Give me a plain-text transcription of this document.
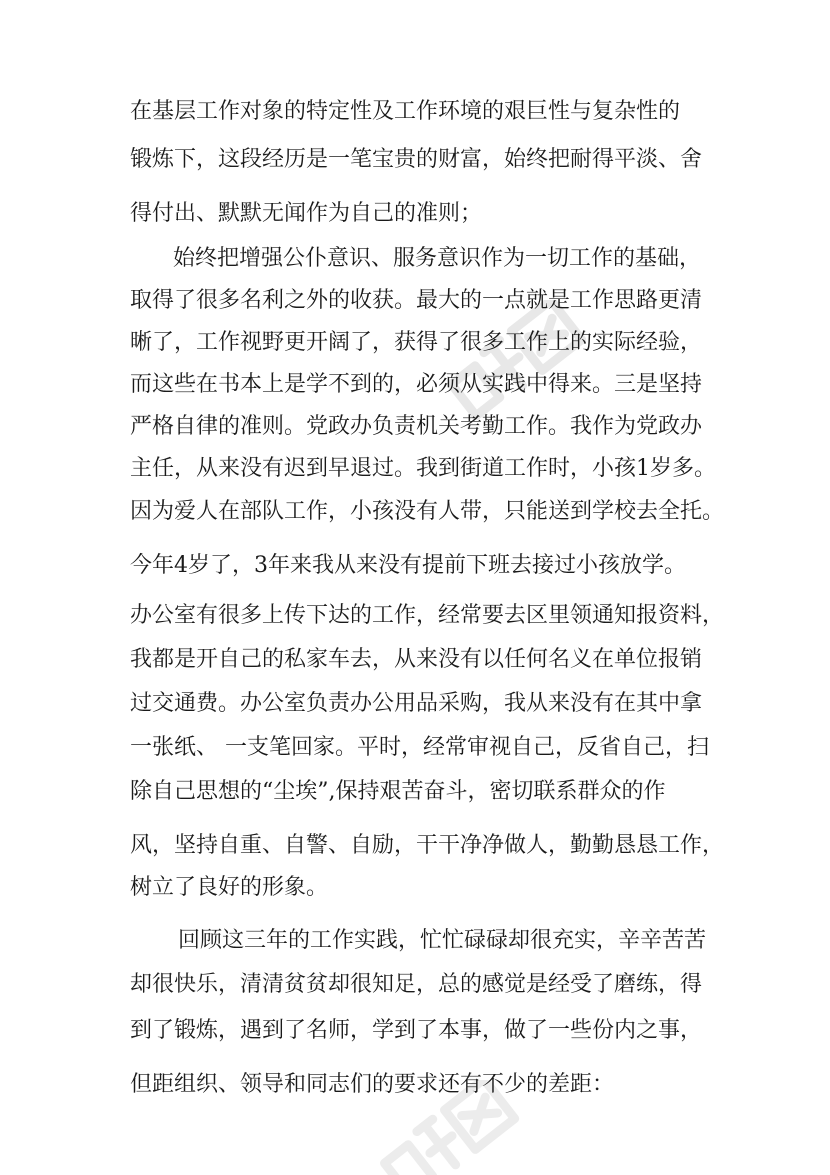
在基层工作对象的特定性及工作环境的艰巨性与复杂性的

锻炼下，这段经历是一笔宝贵的财富，始终把耐得平淡、舍

得付出、默默无闻作为自己的准则；

始终把增强公仆意识、服务意识作为一切工作的基础，

取得了很多名利之外的收获。最大的一点就是工作思路更清

晰了，工作视野更开阔了，获得了很多工作上的实际经验，

而这些在书本上是学不到的，必须从实践中得来。三是坚持

严格自律的准则。党政办负责机关考勤工作。我作为党政办

主任，从来没有迟到早退过。我到街道工作时，小孩1岁多。

因为爱人在部队工作，小孩没有人带，只能送到学校去全托。

今年4岁了，3年来我从来没有提前下班去接过小孩放学。

办公室有很多上传下达的工作，经常要去区里领通知报资料，

我都是开自己的私家车去，从来没有以任何名义在单位报销

过交通费。办公室负责办公用品采购，我从来没有在其中拿

一张纸、 一支笔回家。平时，经常审视自己，反省自己，扫

除自己思想的“尘埃”,保持艰苦奋斗，密切联系群众的作

风，坚持自重、自警、自励，干干净净做人，勤勤恳恳工作，

树立了良好的形象。

回顾这三年的工作实践，忙忙碌碌却很充实，辛辛苦苦

却很快乐，清清贫贫却很知足，总的感觉是经受了磨练，得

到了锻炼，遇到了名师，学到了本事，做了一些份内之事，

但距组织、领导和同志们的要求还有不少的差距：
